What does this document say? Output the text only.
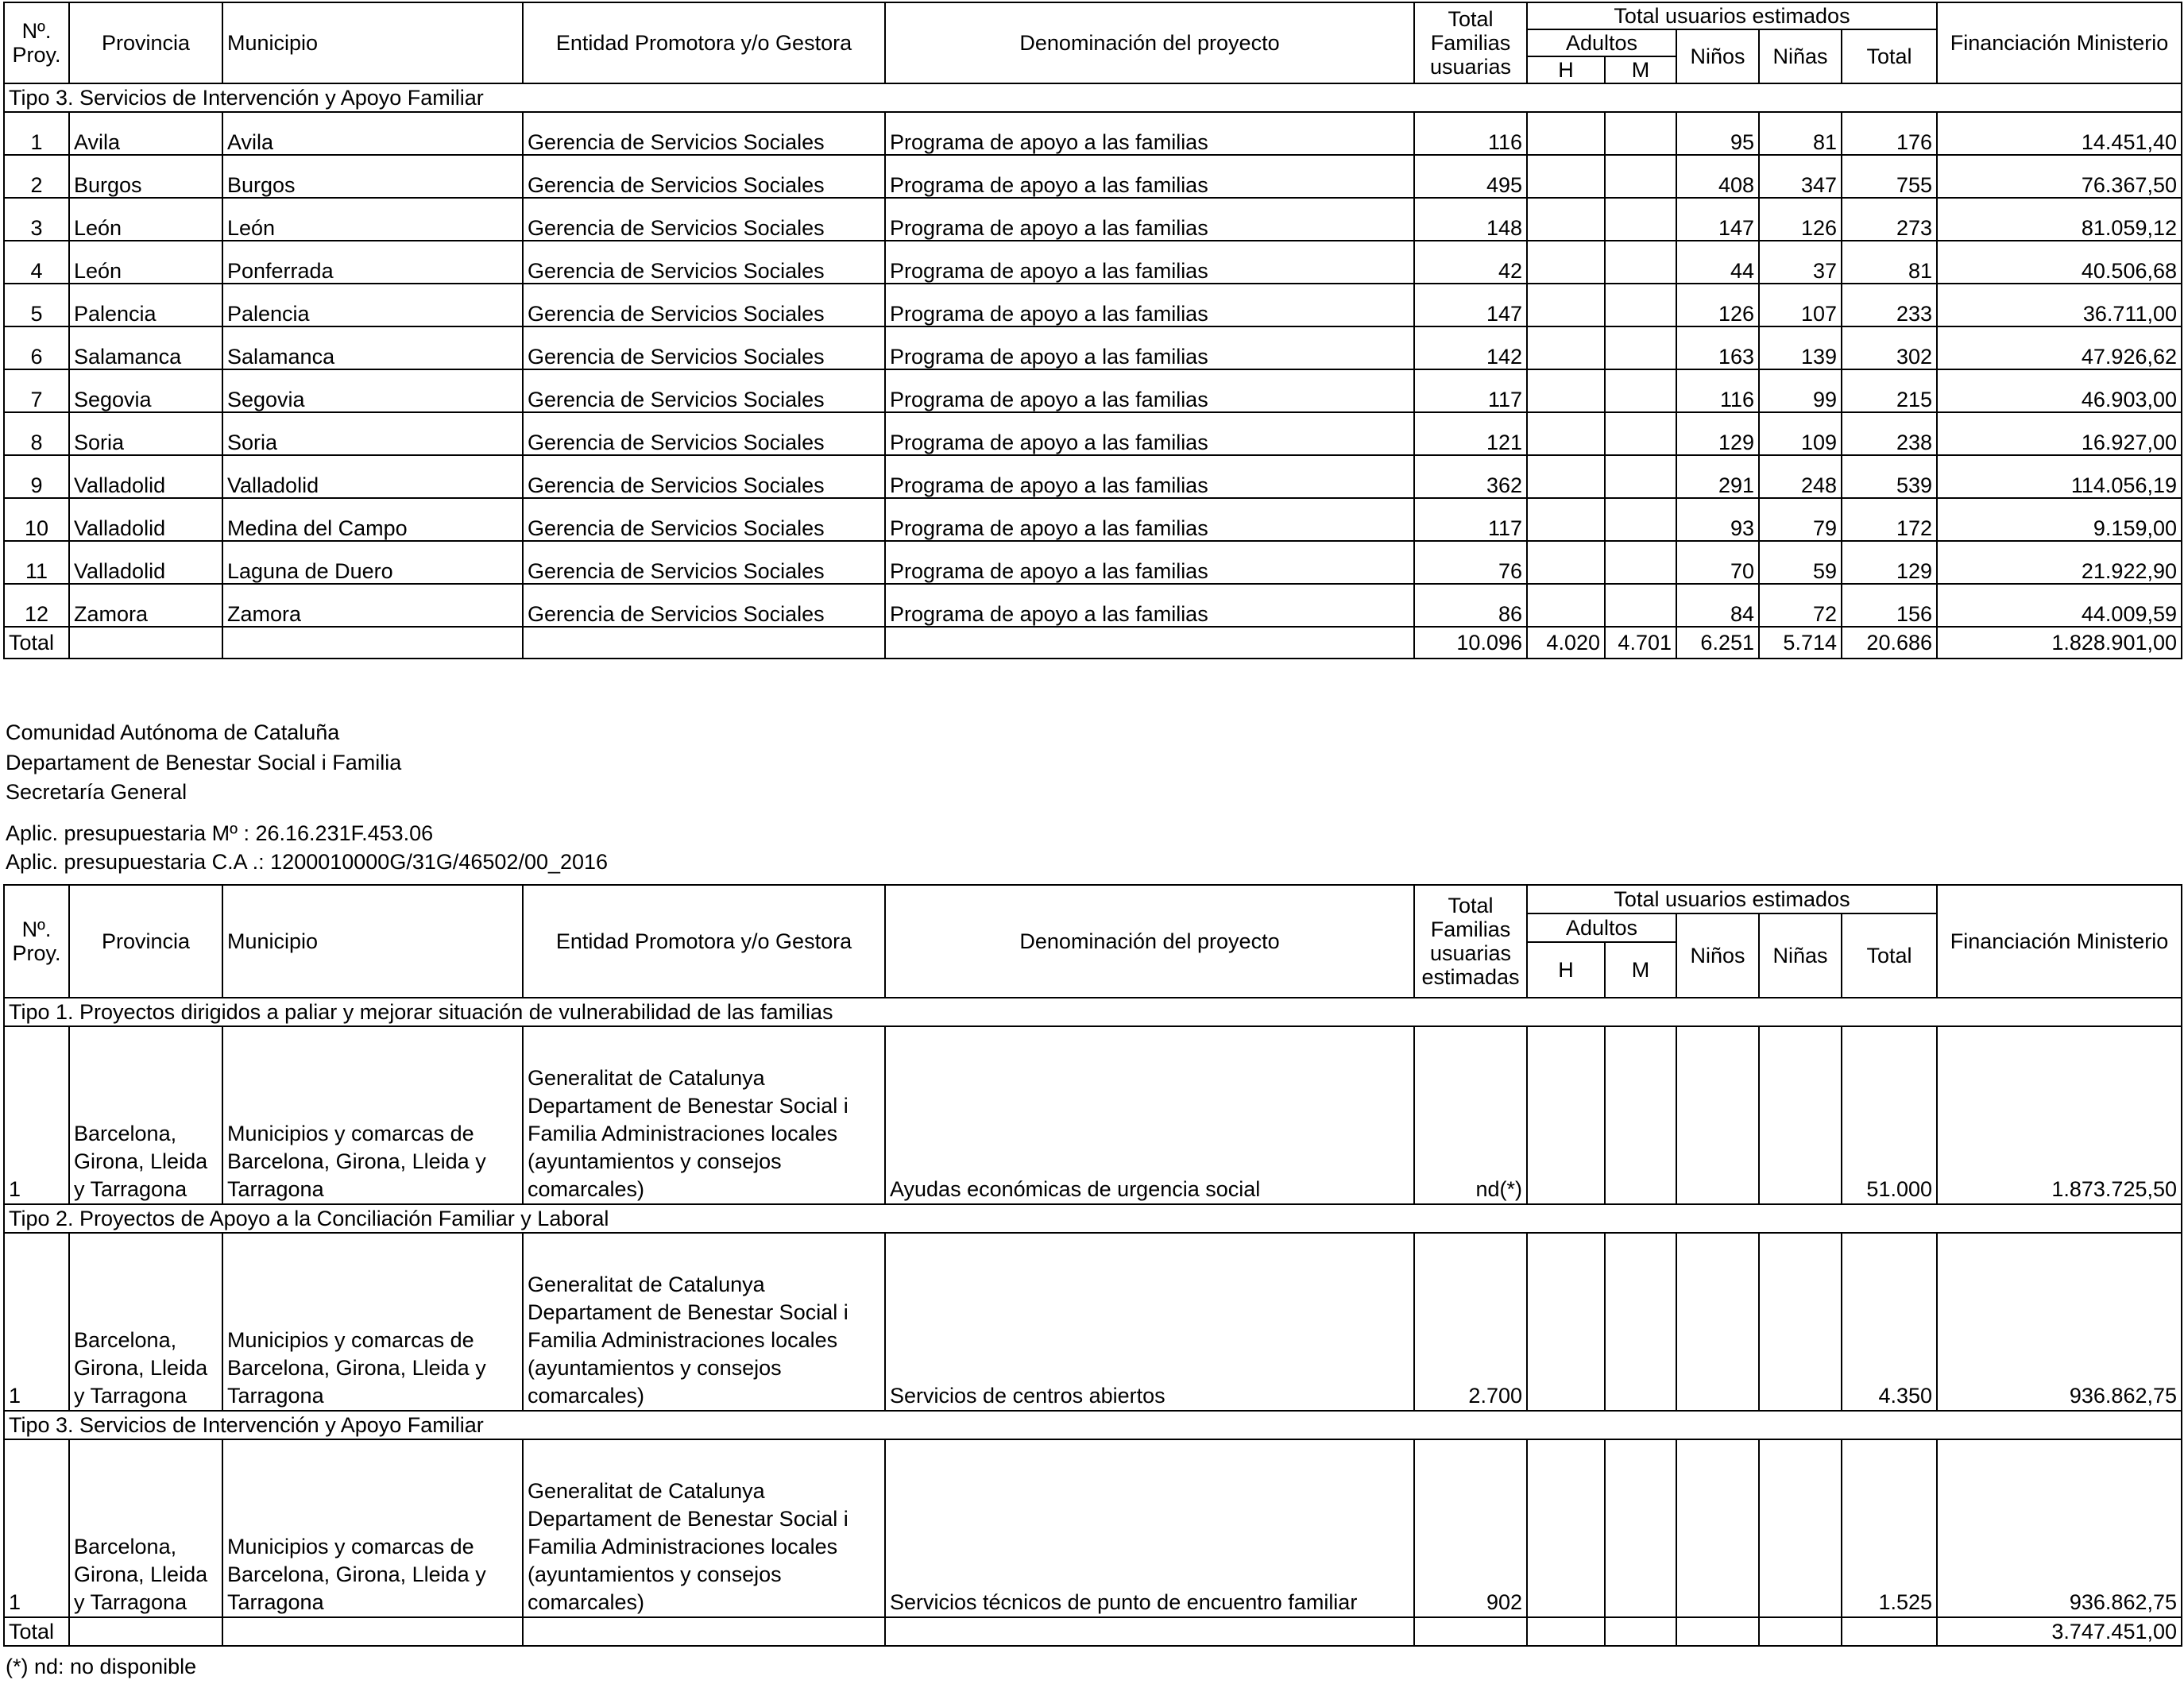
Nº. Proy.	Provincia	Municipio	Entidad Promotora y/o Gestora	Denominación del proyecto	Total Familias usuarias	Total usuarios estimados					Financiación Ministerio
						Adultos		Niños	Niñas	Total	
						H	M				
Tipo 3. Servicios de Intervención y Apoyo Familiar											
1	Avila	Avila	Gerencia de Servicios Sociales	Programa de apoyo a las familias	116			95	81	176	14.451,40
2	Burgos	Burgos	Gerencia de Servicios Sociales	Programa de apoyo a las familias	495			408	347	755	76.367,50
3	León	León	Gerencia de Servicios Sociales	Programa de apoyo a las familias	148			147	126	273	81.059,12
4	León	Ponferrada	Gerencia de Servicios Sociales	Programa de apoyo a las familias	42			44	37	81	40.506,68
5	Palencia	Palencia	Gerencia de Servicios Sociales	Programa de apoyo a las familias	147			126	107	233	36.711,00
6	Salamanca	Salamanca	Gerencia de Servicios Sociales	Programa de apoyo a las familias	142			163	139	302	47.926,62
7	Segovia	Segovia	Gerencia de Servicios Sociales	Programa de apoyo a las familias	117			116	99	215	46.903,00
8	Soria	Soria	Gerencia de Servicios Sociales	Programa de apoyo a las familias	121			129	109	238	16.927,00
9	Valladolid	Valladolid	Gerencia de Servicios Sociales	Programa de apoyo a las familias	362			291	248	539	114.056,19
10	Valladolid	Medina del Campo	Gerencia de Servicios Sociales	Programa de apoyo a las familias	117			93	79	172	9.159,00
11	Valladolid	Laguna de Duero	Gerencia de Servicios Sociales	Programa de apoyo a las familias	76			70	59	129	21.922,90
12	Zamora	Zamora	Gerencia de Servicios Sociales	Programa de apoyo a las familias	86			84	72	156	44.009,59
Total					10.096	4.020	4.701	6.251	5.714	20.686	1.828.901,00
Comunidad Autónoma de Cataluña
Departament de Benestar Social i Familia
Secretaría General
Aplic. presupuestaria Mº : 26.16.231F.453.06
Aplic. presupuestaria C.A .: 1200010000G/31G/46502/00_2016
Nº. Proy.	Provincia	Municipio	Entidad Promotora y/o Gestora	Denominación del proyecto	Total Familias usuarias estimadas	Total usuarios estimados					Financiación Ministerio
						Adultos		Niños	Niñas	Total	
						H	M				
Tipo 1. Proyectos dirigidos a paliar y mejorar situación de vulnerabilidad de las familias											
1	Barcelona, Girona, Lleida y Tarragona	Municipios y comarcas de Barcelona, Girona, Lleida y Tarragona	Generalitat de Catalunya Departament de Benestar Social i Familia Administraciones locales (ayuntamientos y consejos comarcales)	Ayudas económicas de urgencia social	nd(*)					51.000	1.873.725,50
Tipo 2. Proyectos de Apoyo a la Conciliación Familiar y Laboral											
1	Barcelona, Girona, Lleida y Tarragona	Municipios y comarcas de Barcelona, Girona, Lleida y Tarragona	Generalitat de Catalunya Departament de Benestar Social i Familia Administraciones locales (ayuntamientos y consejos comarcales)	Servicios de centros abiertos	2.700					4.350	936.862,75
Tipo 3. Servicios de Intervención y Apoyo Familiar											
1	Barcelona, Girona, Lleida y Tarragona	Municipios y comarcas de Barcelona, Girona, Lleida y Tarragona	Generalitat de Catalunya Departament de Benestar Social i Familia Administraciones locales (ayuntamientos y consejos comarcales)	Servicios técnicos de punto de encuentro familiar	902					1.525	936.862,75
Total											3.747.451,00
(*) nd: no disponible
